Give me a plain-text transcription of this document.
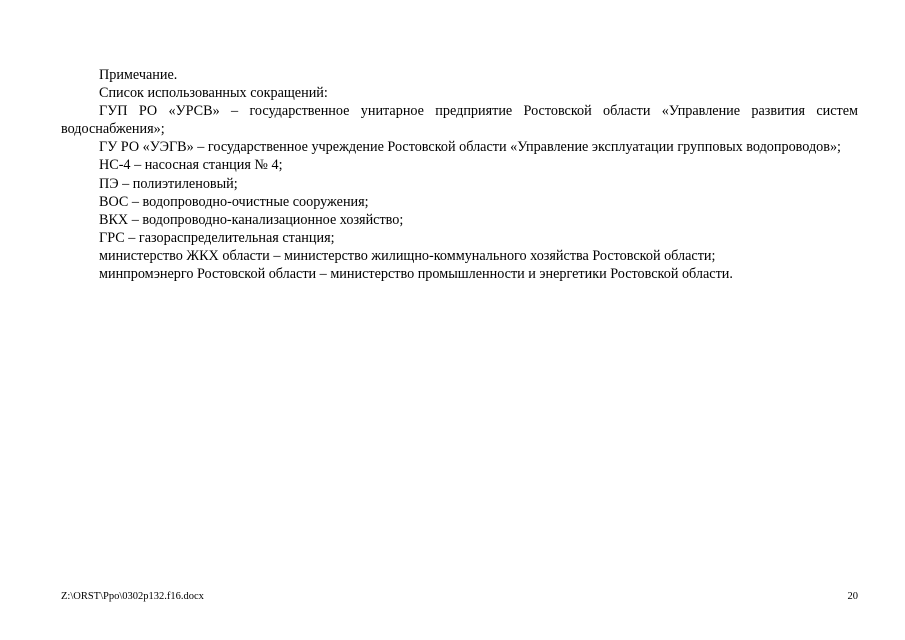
Примечание.

Список использованных сокращений:

ГУП РО «УРСВ» – государственное унитарное предприятие Ростовской области «Управление развития систем водоснабжения»;

ГУ РО «УЭГВ» – государственное учреждение Ростовской области «Управление эксплуатации групповых водопроводов»;

НС-4 – насосная станция № 4;

ПЭ – полиэтиленовый;

ВОС – водопроводно-очистные сооружения;

ВКХ – водопроводно-канализационное хозяйство;

ГРС – газораспределительная станция;

министерство ЖКХ области – министерство жилищно-коммунального хозяйства Ростовской области;

минпромэнерго Ростовской области – министерство промышленности и энергетики Ростовской области.

Z:\ORST\Ppo\0302p132.f16.docx	20
